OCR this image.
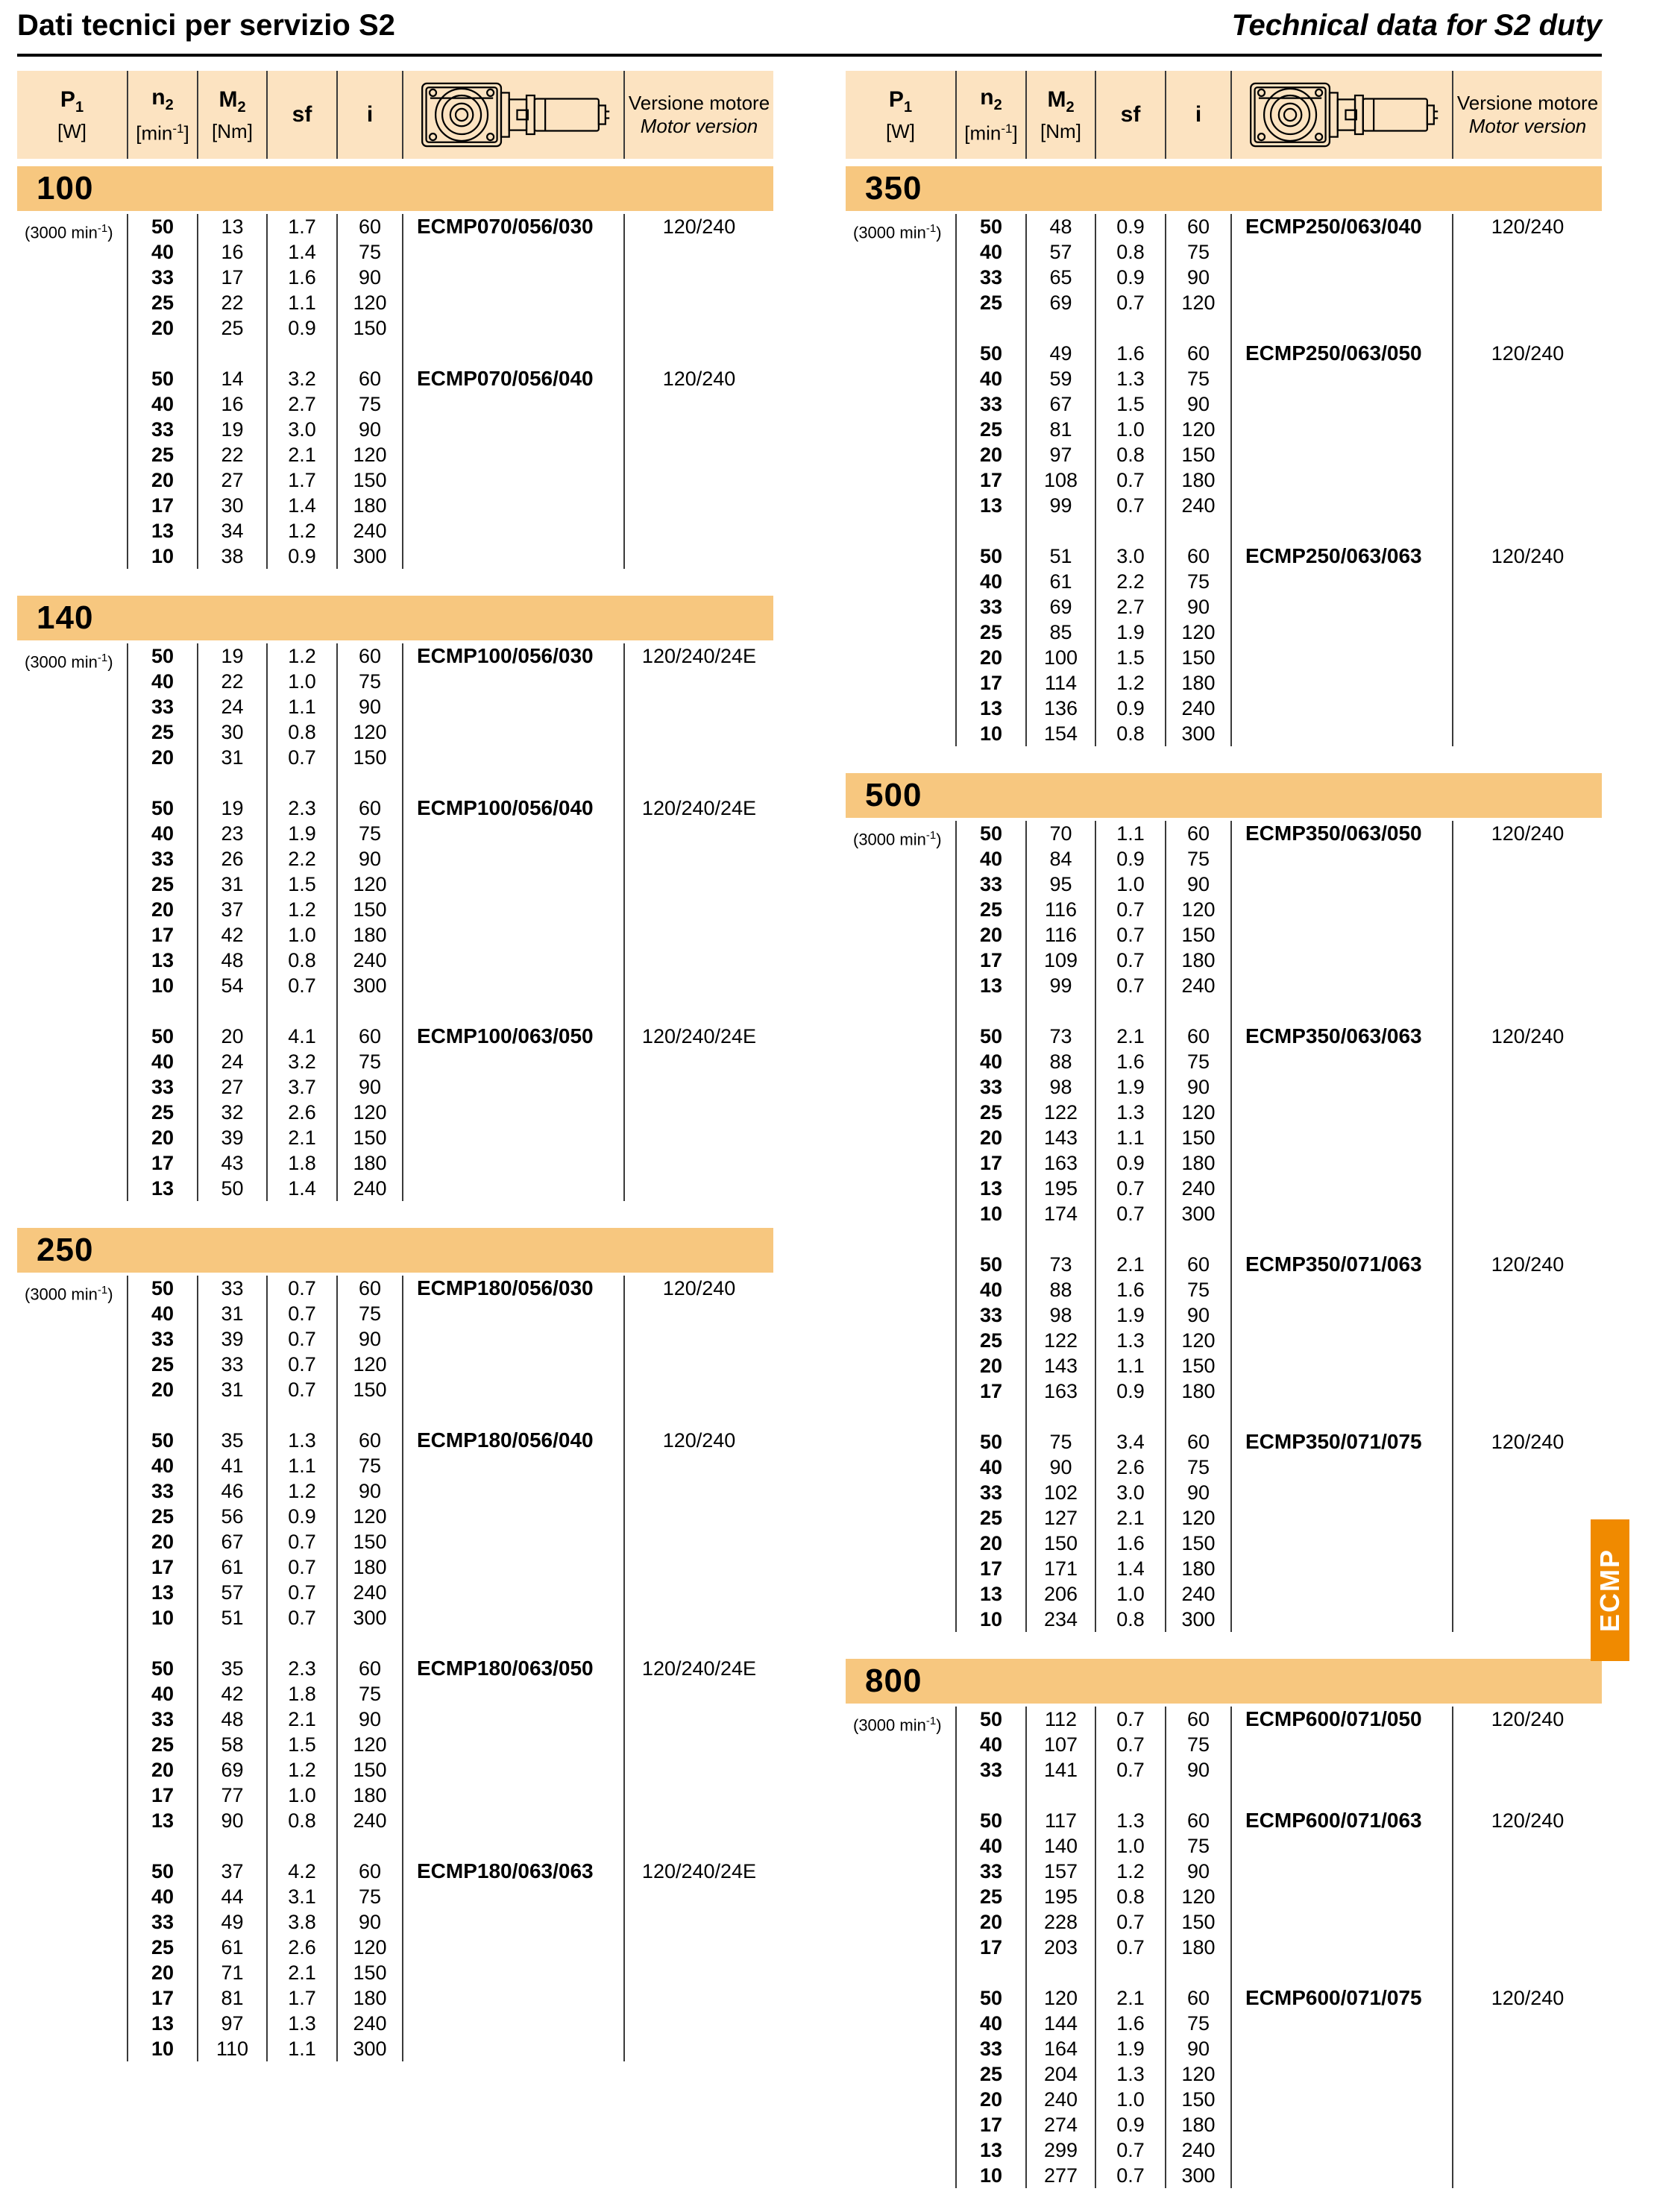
Dati tecnici per servizio S2	Technical data for S2 duty
$P_1$
[W]
$n_2$
$[\min^{-1}]$
$M_2$
[Nm]
sf	i	Versione motore
Motor version
100
(3000 $\min^{-1}$)	50	13	1.7	60	ECMP070/056/030	120/240
40	16	1.4	75
33	17	1.6	90
25	22	1.1	120
20	25	0.9	150
50	14	3.2	60	ECMP070/056/040	120/240
40	16	2.7	75
33	19	3.0	90
25	22	2.1	120
20	27	1.7	150
17	30	1.4	180
13	34	1.2	240
10	38	0.9	300
140
(3000 $\min^{-1}$)	50	19	1.2	60	ECMP100/056/030	120/240/24E
40	22	1.0	75
33	24	1.1	90
25	30	0.8	120
20	31	0.7	150
50	19	2.3	60	ECMP100/056/040	120/240/24E
40	23	1.9	75
33	26	2.2	90
25	31	1.5	120
20	37	1.2	150
17	42	1.0	180
13	48	0.8	240
10	54	0.7	300
50	20	4.1	60	ECMP100/063/050	120/240/24E
40	24	3.2	75
33	27	3.7	90
25	32	2.6	120
20	39	2.1	150
17	43	1.8	180
13	50	1.4	240
250
(3000 $\min^{-1}$)	50	33	0.7	60	ECMP180/056/030	120/240
40	31	0.7	75
33	39	0.7	90
25	33	0.7	120
20	31	0.7	150
50	35	1.3	60	ECMP180/056/040	120/240
40	41	1.1	75
33	46	1.2	90
25	56	0.9	120
20	67	0.7	150
17	61	0.7	180
13	57	0.7	240
10	51	0.7	300
50	35	2.3	60	ECMP180/063/050	120/240/24E
40	42	1.8	75
33	48	2.1	90
25	58	1.5	120
20	69	1.2	150
17	77	1.0	180
13	90	0.8	240
50	37	4.2	60	ECMP180/063/063	120/240/24E
40	44	3.1	75
33	49	3.8	90
25	61	2.6	120
20	71	2.1	150
17	81	1.7	180
13	97	1.3	240
10	110	1.1	300
$P_1$
[W]
$n_2$
$[\min^{-1}]$
$M_2$
[Nm]
sf	i	Versione motore
Motor version
350
(3000 $\min^{-1}$)	50	48	0.9	60	ECMP250/063/040	120/240
40	57	0.8	75
33	65	0.9	90
25	69	0.7	120
50	49	1.6	60	ECMP250/063/050	120/240
40	59	1.3	75
33	67	1.5	90
25	81	1.0	120
20	97	0.8	150
17	108	0.7	180
13	99	0.7	240
50	51	3.0	60	ECMP250/063/063	120/240
40	61	2.2	75
33	69	2.7	90
25	85	1.9	120
20	100	1.5	150
17	114	1.2	180
13	136	0.9	240
10	154	0.8	300
500
(3000 $\min^{-1}$)	50	70	1.1	60	ECMP350/063/050	120/240
40	84	0.9	75
33	95	1.0	90
25	116	0.7	120
20	116	0.7	150
17	109	0.7	180
13	99	0.7	240
50	73	2.1	60	ECMP350/063/063	120/240
40	88	1.6	75
33	98	1.9	90
25	122	1.3	120
20	143	1.1	150
17	163	0.9	180
13	195	0.7	240
10	174	0.7	300
50	73	2.1	60	ECMP350/071/063	120/240
40	88	1.6	75
33	98	1.9	90
25	122	1.3	120
20	143	1.1	150
17	163	0.9	180
50	75	3.4	60	ECMP350/071/075	120/240
40	90	2.6	75
33	102	3.0	90
25	127	2.1	120
20	150	1.6	150
17	171	1.4	180
13	206	1.0	240
10	234	0.8	300
800
(3000 $\min^{-1}$)	50	112	0.7	60	ECMP600/071/050	120/240
40	107	0.7	75
33	141	0.7	90
50	117	1.3	60	ECMP600/071/063	120/240
40	140	1.0	75
33	157	1.2	90
25	195	0.8	120
20	228	0.7	150
17	203	0.7	180
50	120	2.1	60	ECMP600/071/075	120/240
40	144	1.6	75
33	164	1.9	90
25	204	1.3	120
20	240	1.0	150
17	274	0.9	180
13	299	0.7	240
10	277	0.7	300
ECMP
